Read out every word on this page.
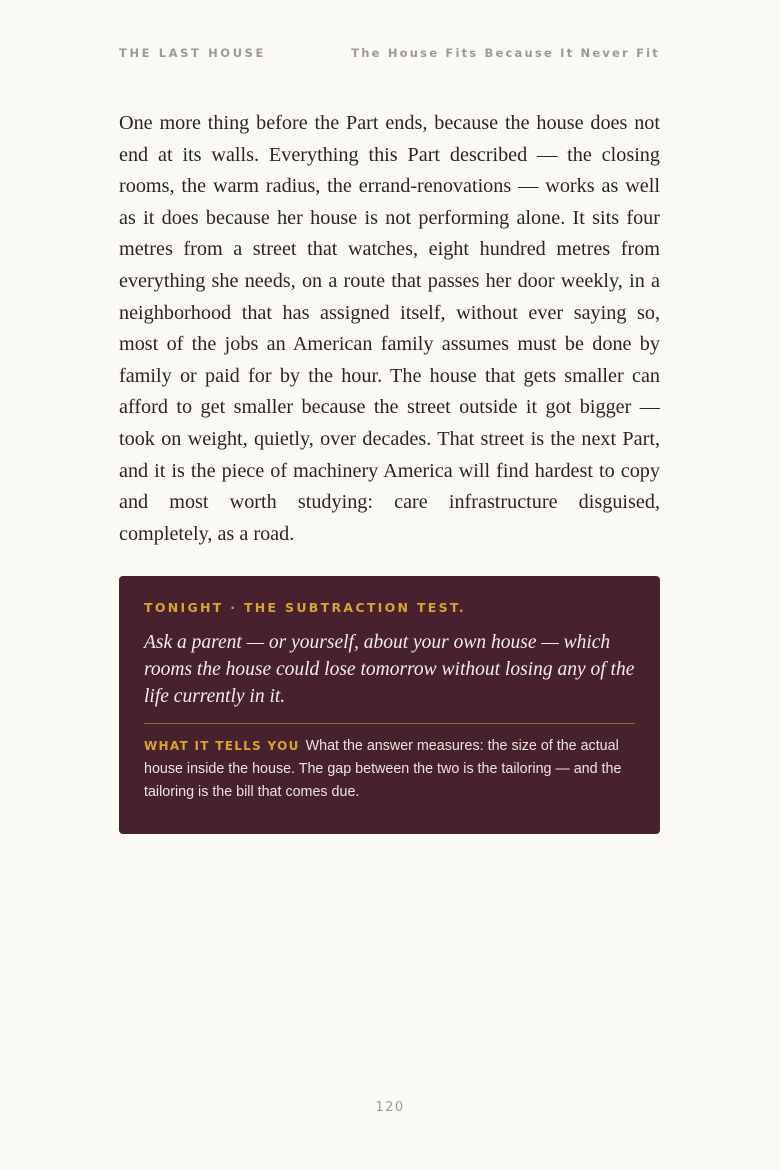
THE LAST HOUSE	The House Fits Because It Never Fit

One more thing before the Part ends, because the house does not end at its walls. Everything this Part described — the closing rooms, the warm radius, the errand-renovations — works as well as it does because her house is not performing alone. It sits four metres from a street that watches, eight hundred metres from everything she needs, on a route that passes her door weekly, in a neighborhood that has assigned itself, without ever saying so, most of the jobs an American family assumes must be done by family or paid for by the hour. The house that gets smaller can afford to get smaller because the street outside it got bigger — took on weight, quietly, over decades. That street is the next Part, and it is the piece of machinery America will find hardest to copy and most worth studying: care infrastructure disguised, completely, as a road.

TONIGHT · THE SUBTRACTION TEST.

Ask a parent — or yourself, about your own house — which rooms the house could lose tomorrow without losing any of the life currently in it.

WHAT IT TELLS YOU What the answer measures: the size of the actual house inside the house. The gap between the two is the tailoring — and the tailoring is the bill that comes due.

120
